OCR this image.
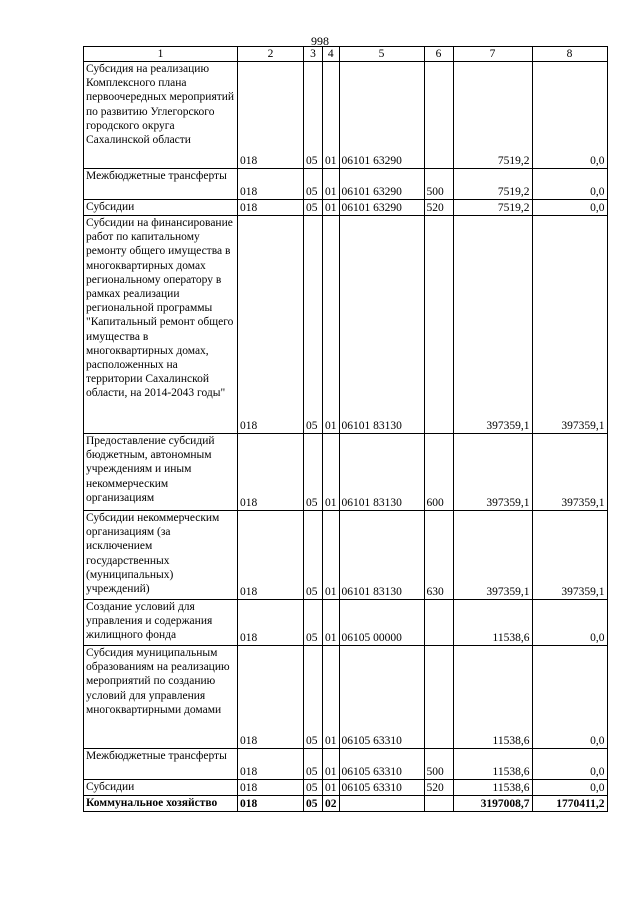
998
1	2	3	4	5	6	7	8
Субсидия на реализацию Комплексного плана первоочередных мероприятий по развитию Углегорского городского округа Сахалинской области	018	05	01	06101 63290		7519,2	0,0
Межбюджетные трансферты	018	05	01	06101 63290	500	7519,2	0,0
Субсидии	018	05	01	06101 63290	520	7519,2	0,0
Субсидии на финансирование работ по капитальному ремонту общего имущества в многоквартирных домах региональному оператору в рамках реализации региональной программы "Капитальный ремонт общего имущества в многоквартирных домах, расположенных на территории Сахалинской области, на 2014-2043 годы"	018	05	01	06101 83130		397359,1	397359,1
Предоставление субсидий бюджетным, автономным учреждениям и иным некоммерческим организациям	018	05	01	06101 83130	600	397359,1	397359,1
Субсидии некоммерческим организациям (за исключением государственных (муниципальных) учреждений)	018	05	01	06101 83130	630	397359,1	397359,1
Создание условий для управления и содержания жилищного фонда	018	05	01	06105 00000		11538,6	0,0
Субсидия муниципальным образованиям на реализацию мероприятий по созданию условий для управления многоквартирными домами	018	05	01	06105 63310		11538,6	0,0
Межбюджетные трансферты	018	05	01	06105 63310	500	11538,6	0,0
Субсидии	018	05	01	06105 63310	520	11538,6	0,0
Коммунальное хозяйство	018	05	02			3197008,7	1770411,2
